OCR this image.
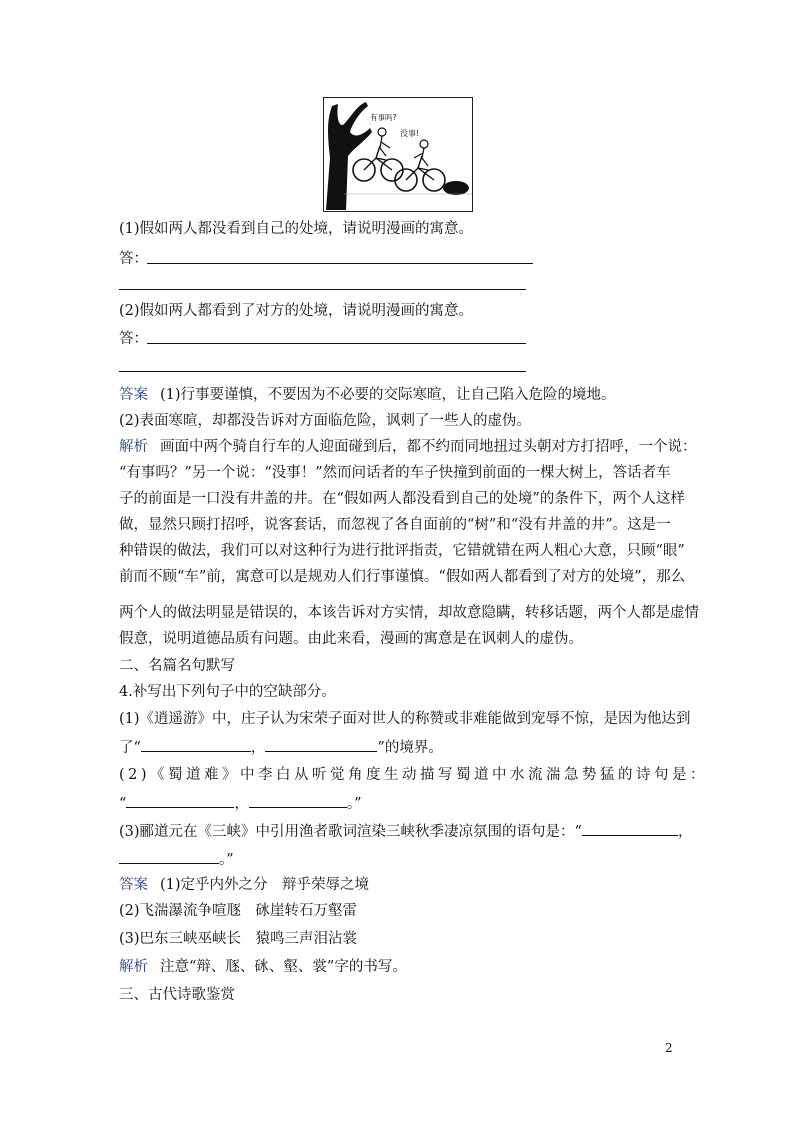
有事吗?
没事!
(1)假如两人都没看到自己的处境，请说明漫画的寓意。
答：
(2)假如两人都看到了对方的处境，请说明漫画的寓意。
答：
答案 (1)行事要谨慎，不要因为不必要的交际寒暄，让自己陷入危险的境地。
(2)表面寒暄，却都没告诉对方面临危险，讽刺了一些人的虚伪。
解析 画面中两个骑自行车的人迎面碰到后，都不约而同地扭过头朝对方打招呼，一个说：
“有事吗？”另一个说：“没事！”然而问话者的车子快撞到前面的一棵大树上，答话者车
子的前面是一口没有井盖的井。在“假如两人都没看到自己的处境”的条件下，两个人这样
做，显然只顾打招呼，说客套话，而忽视了各自面前的“树”和“没有井盖的井”。这是一
种错误的做法，我们可以对这种行为进行批评指责，它错就错在两人粗心大意，只顾“眼”
前而不顾“车”前，寓意可以是规劝人们行事谨慎。“假如两人都看到了对方的处境”，那么
两个人的做法明显是错误的，本该告诉对方实情，却故意隐瞒，转移话题，两个人都是虚情
假意，说明道德品质有问题。由此来看，漫画的寓意是在讽刺人的虚伪。
二、名篇名句默写
4.补写出下列句子中的空缺部分。
(1)《逍遥游》中，庄子认为宋荣子面对世人的称赞或非难能做到宠辱不惊，是因为他达到
了“	，	”的境界。
(2)《蜀道难》中李白从听觉角度生动描写蜀道中水流湍急势猛的诗句是：
“	，	。”
(3)郦道元在《三峡》中引用渔者歌词渲染三峡秋季凄凉氛围的语句是：“	，
。”
答案 (1)定乎内外之分　辩乎荣辱之境
(2)飞湍瀑流争喧豗　砯崖转石万壑雷
(3)巴东三峡巫峡长　猿鸣三声泪沾裳
解析 注意“辩、豗、砯、壑、裳”字的书写。
三、古代诗歌鉴赏
2
